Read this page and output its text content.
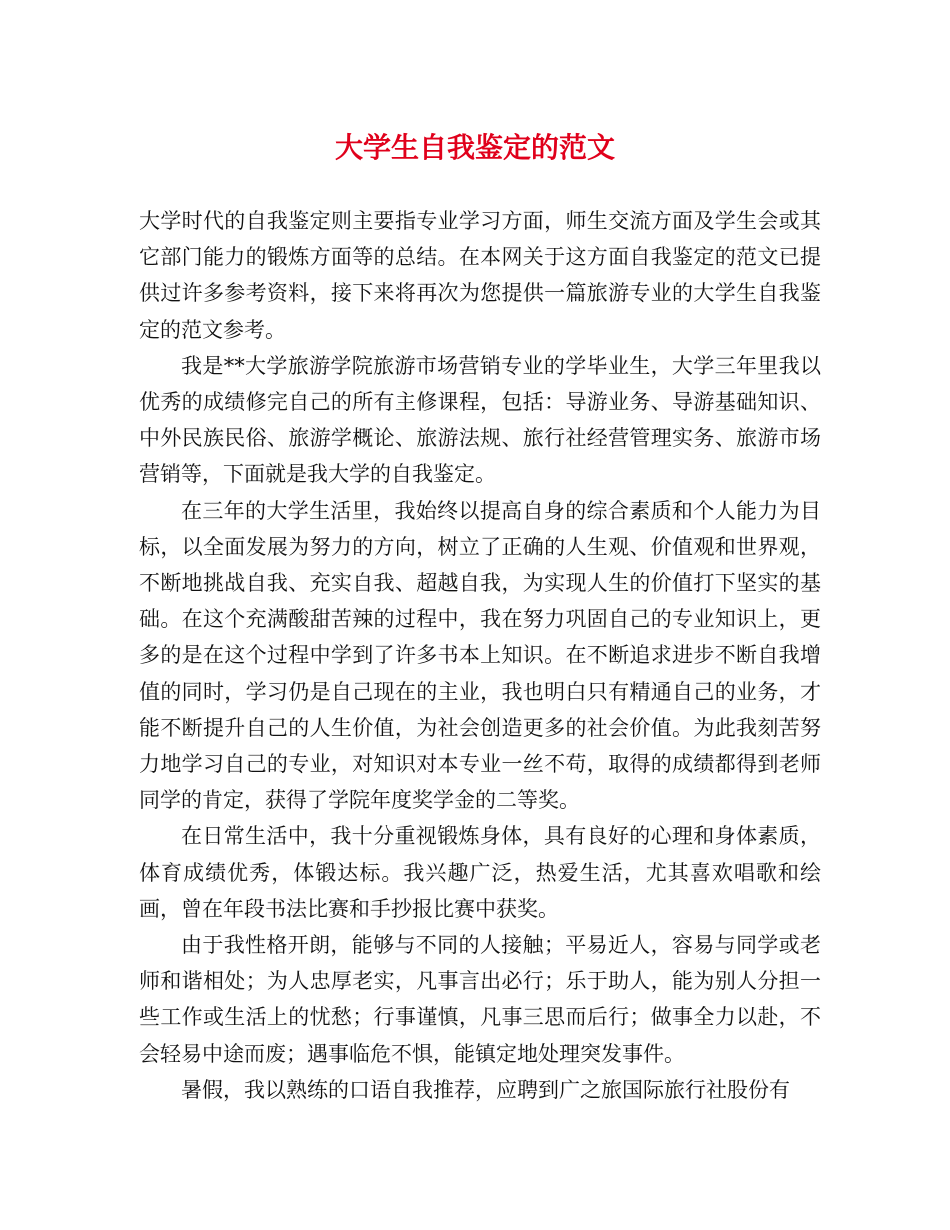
大学生自我鉴定的范文

大学时代的自我鉴定则主要指专业学习方面，师生交流方面及学生会或其它部门能力的锻炼方面等的总结。在本网关于这方面自我鉴定的范文已提供过许多参考资料，接下来将再次为您提供一篇旅游专业的大学生自我鉴定的范文参考。

我是**大学旅游学院旅游市场营销专业的学毕业生，大学三年里我以优秀的成绩修完自己的所有主修课程，包括：导游业务、导游基础知识、中外民族民俗、旅游学概论、旅游法规、旅行社经营管理实务、旅游市场营销等，下面就是我大学的自我鉴定。

在三年的大学生活里，我始终以提高自身的综合素质和个人能力为目标，以全面发展为努力的方向，树立了正确的人生观、价值观和世界观，不断地挑战自我、充实自我、超越自我，为实现人生的价值打下坚实的基础。在这个充满酸甜苦辣的过程中，我在努力巩固自己的专业知识上，更多的是在这个过程中学到了许多书本上知识。在不断追求进步不断自我增值的同时，学习仍是自己现在的主业，我也明白只有精通自己的业务，才能不断提升自己的人生价值，为社会创造更多的社会价值。为此我刻苦努力地学习自己的专业，对知识对本专业一丝不苟，取得的成绩都得到老师同学的肯定，获得了学院年度奖学金的二等奖。

在日常生活中，我十分重视锻炼身体，具有良好的心理和身体素质，体育成绩优秀，体锻达标。我兴趣广泛，热爱生活，尤其喜欢唱歌和绘画，曾在年段书法比赛和手抄报比赛中获奖。

由于我性格开朗，能够与不同的人接触；平易近人，容易与同学或老师和谐相处；为人忠厚老实，凡事言出必行；乐于助人，能为别人分担一些工作或生活上的忧愁；行事谨慎，凡事三思而后行；做事全力以赴，不会轻易中途而废；遇事临危不惧，能镇定地处理突发事件。

暑假，我以熟练的口语自我推荐，应聘到广之旅国际旅行社股份有
